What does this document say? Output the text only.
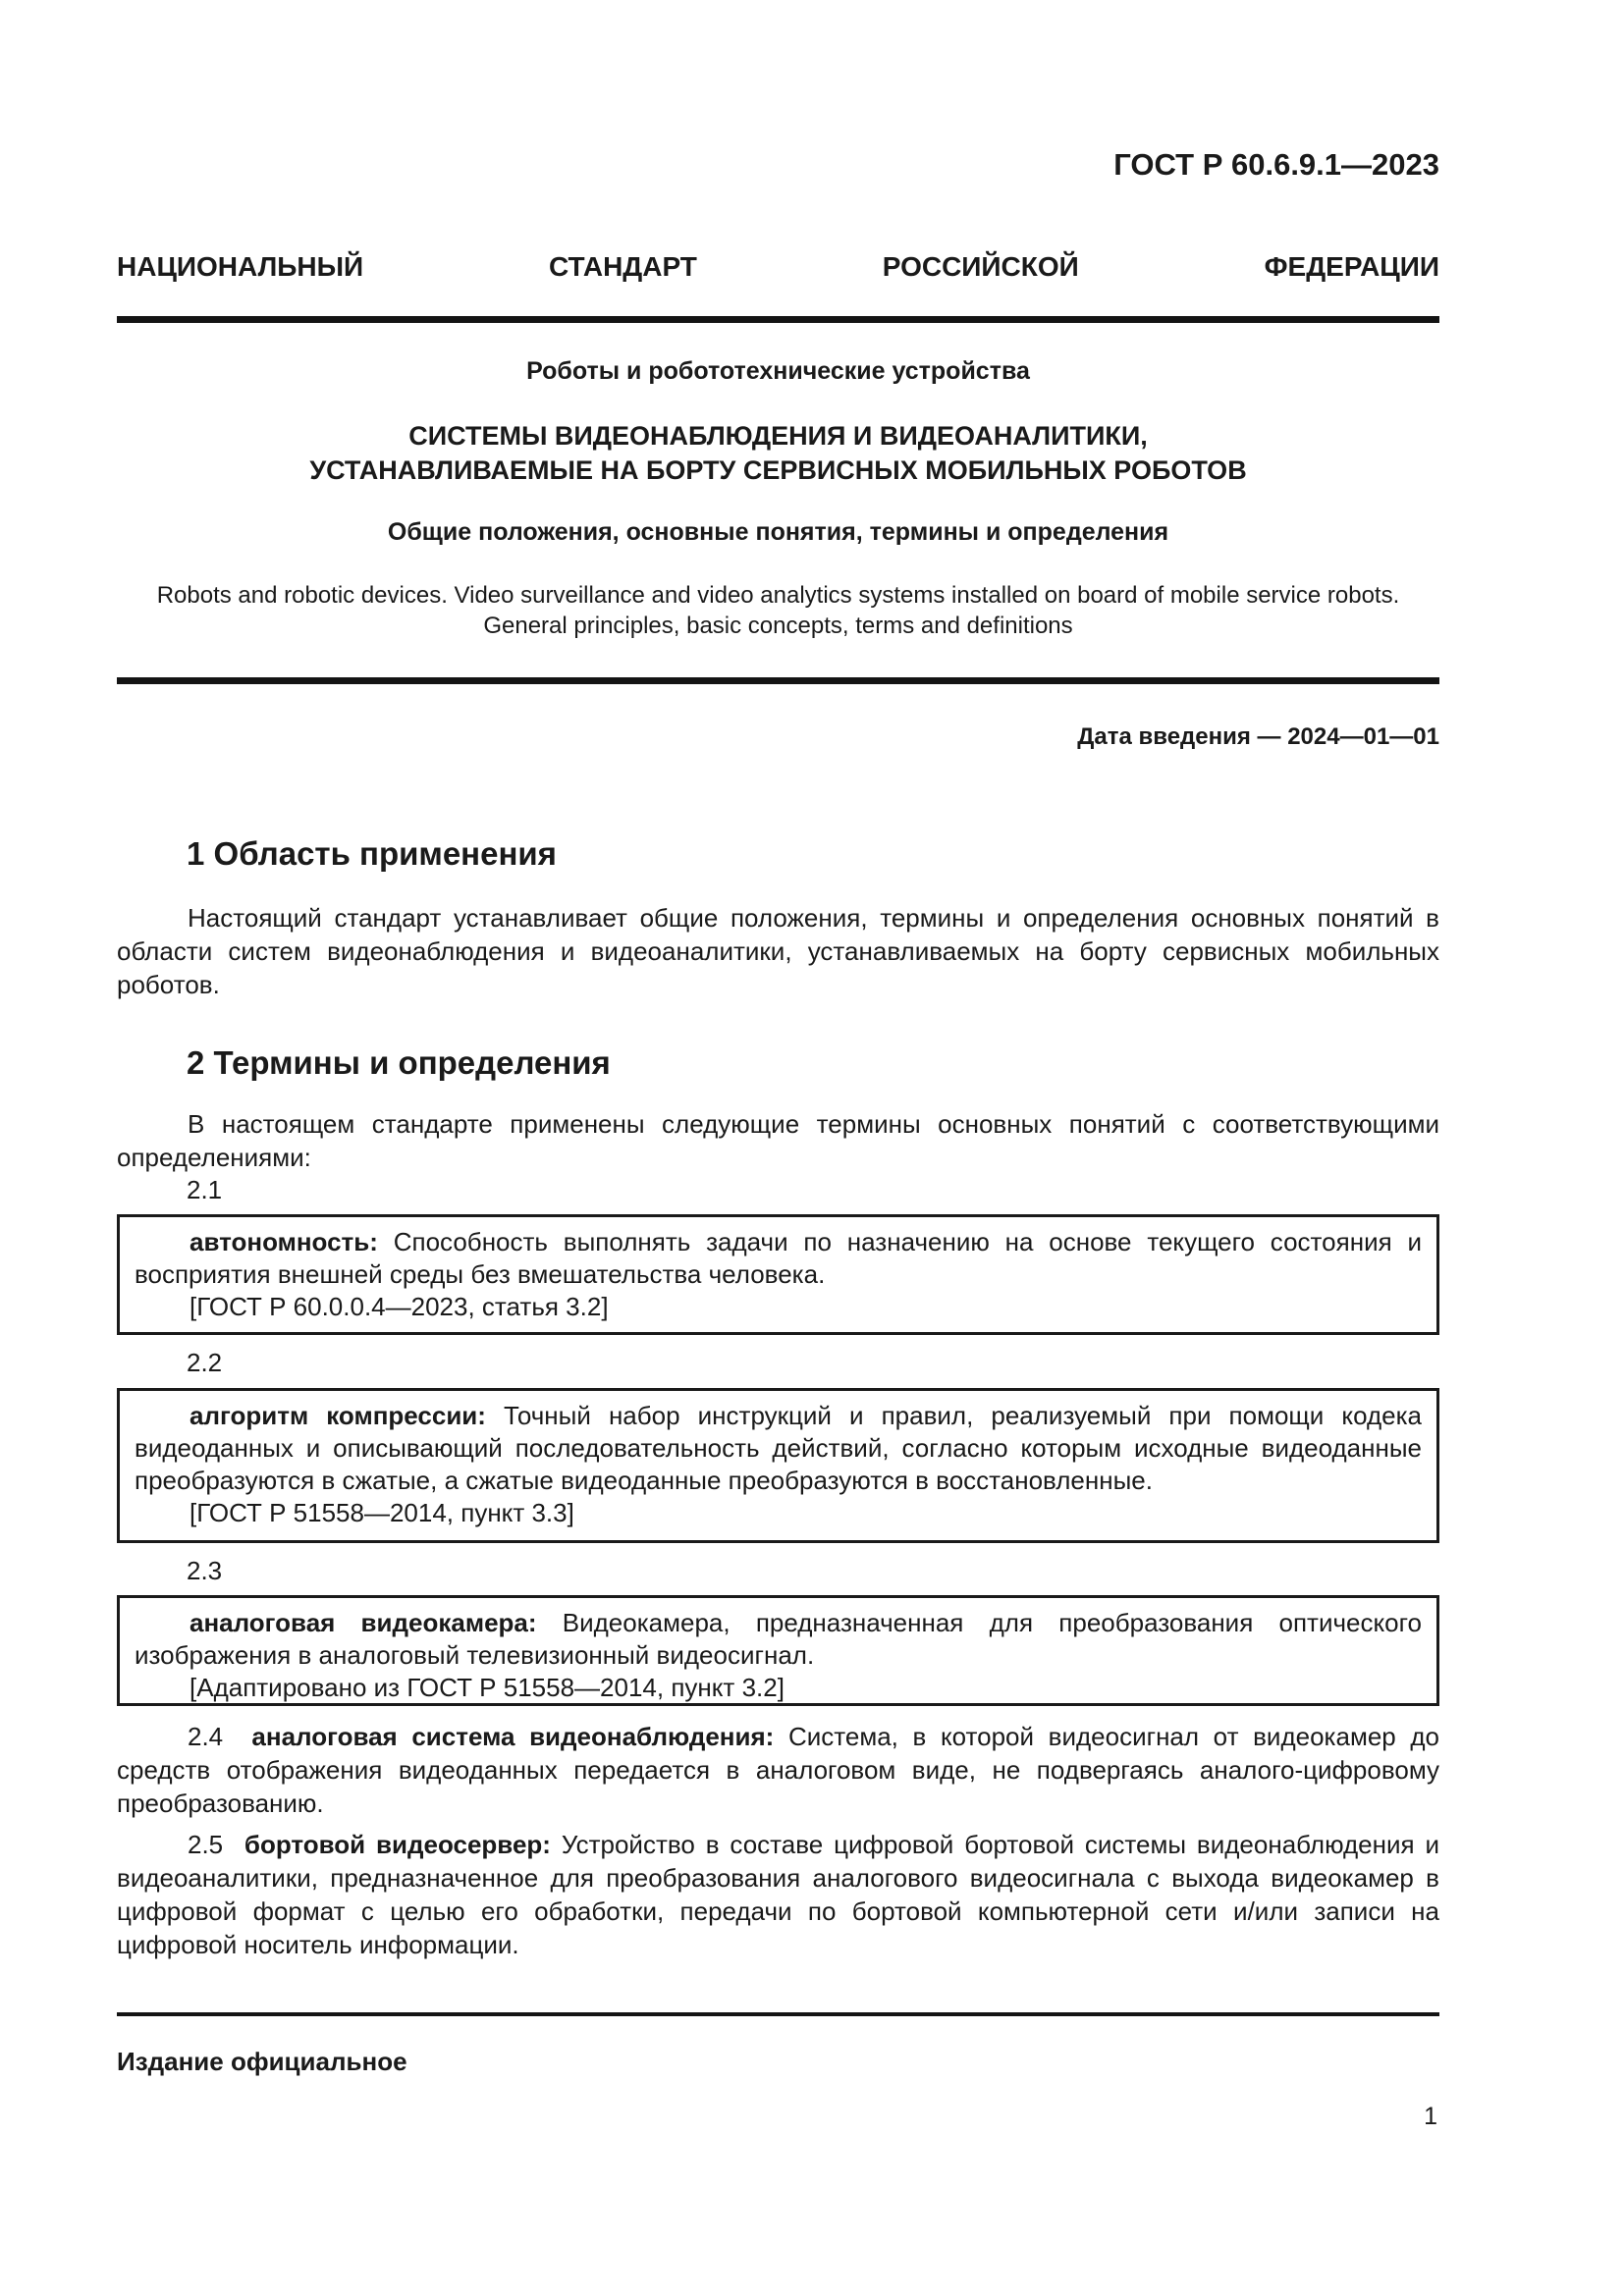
ГОСТ Р 60.6.9.1—2023
НАЦИОНАЛЬНЫЙ СТАНДАРТ РОССИЙСКОЙ ФЕДЕРАЦИИ
Роботы и робототехнические устройства
СИСТЕМЫ ВИДЕОНАБЛЮДЕНИЯ И ВИДЕОАНАЛИТИКИ,
УСТАНАВЛИВАЕМЫЕ НА БОРТУ СЕРВИСНЫХ МОБИЛЬНЫХ РОБОТОВ
Общие положения, основные понятия, термины и определения
Robots and robotic devices. Video surveillance and video analytics systems installed on board of mobile service robots.
General principles, basic concepts, terms and definitions
Дата введения — 2024—01—01
1 Область применения
Настоящий стандарт устанавливает общие положения, термины и определения основных понятий в области систем видеонаблюдения и видеоаналитики, устанавливаемых на борту сервисных мобильных роботов.
2 Термины и определения
В настоящем стандарте применены следующие термины основных понятий с соответствующими определениями:
2.1

автономность: Способность выполнять задачи по назначению на основе текущего состояния и восприятия внешней среды без вмешательства человека.

[ГОСТ Р 60.0.0.4—2023, статья 3.2]

2.2

алгоритм компрессии: Точный набор инструкций и правил, реализуемый при помощи кодека видеоданных и описывающий последовательность действий, согласно которым исходные видеоданные преобразуются в сжатые, а сжатые видеоданные преобразуются в восстановленные.

[ГОСТ Р 51558—2014, пункт 3.3]

2.3

аналоговая видеокамера: Видеокамера, предназначенная для преобразования оптического изображения в аналоговый телевизионный видеосигнал.

[Адаптировано из ГОСТ Р 51558—2014, пункт 3.2]

2.4 аналоговая система видеонаблюдения: Система, в которой видеосигнал от видеокамер до средств отображения видеоданных передается в аналоговом виде, не подвергаясь аналого-цифровому преобразованию.
2.5 бортовой видеосервер: Устройство в составе цифровой бортовой системы видеонаблюдения и видеоаналитики, предназначенное для преобразования аналогового видеосигнала с выхода видеокамер в цифровой формат с целью его обработки, передачи по бортовой компьютерной сети и/или записи на цифровой носитель информации.
Издание официальное
1
